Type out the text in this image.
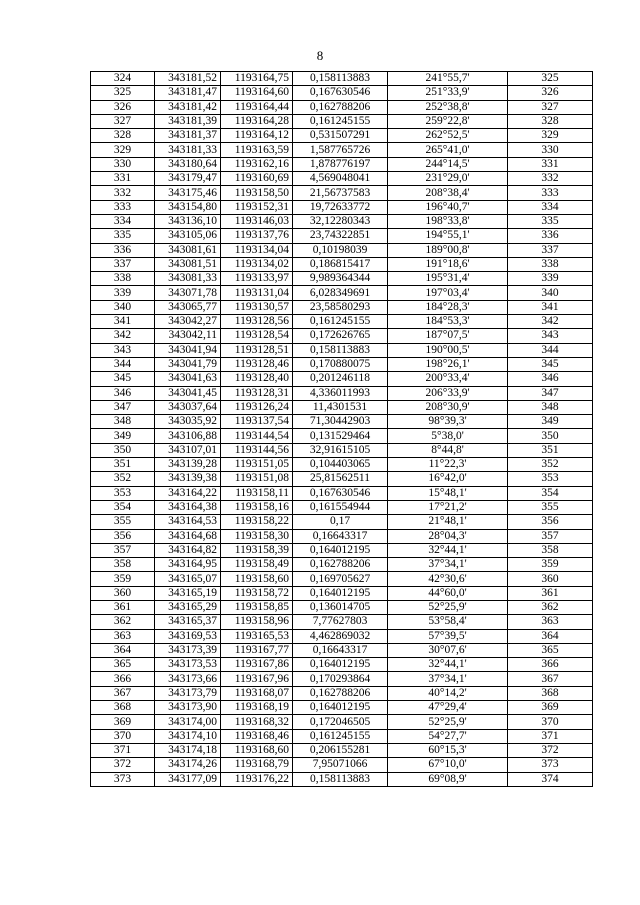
8
324	343181,52	1193164,75	0,158113883	241°55,7'	325
325	343181,47	1193164,60	0,167630546	251°33,9'	326
326	343181,42	1193164,44	0,162788206	252°38,8'	327
327	343181,39	1193164,28	0,161245155	259°22,8'	328
328	343181,37	1193164,12	0,531507291	262°52,5'	329
329	343181,33	1193163,59	1,587765726	265°41,0'	330
330	343180,64	1193162,16	1,878776197	244°14,5'	331
331	343179,47	1193160,69	4,569048041	231°29,0'	332
332	343175,46	1193158,50	21,56737583	208°38,4'	333
333	343154,80	1193152,31	19,72633772	196°40,7'	334
334	343136,10	1193146,03	32,12280343	198°33,8'	335
335	343105,06	1193137,76	23,74322851	194°55,1'	336
336	343081,61	1193134,04	0,10198039	189°00,8'	337
337	343081,51	1193134,02	0,186815417	191°18,6'	338
338	343081,33	1193133,97	9,989364344	195°31,4'	339
339	343071,78	1193131,04	6,028349691	197°03,4'	340
340	343065,77	1193130,57	23,58580293	184°28,3'	341
341	343042,27	1193128,56	0,161245155	184°53,3'	342
342	343042,11	1193128,54	0,172626765	187°07,5'	343
343	343041,94	1193128,51	0,158113883	190°00,5'	344
344	343041,79	1193128,46	0,170880075	198°26,1'	345
345	343041,63	1193128,40	0,201246118	200°33,4'	346
346	343041,45	1193128,31	4,336011993	206°33,9'	347
347	343037,64	1193126,24	11,4301531	208°30,9'	348
348	343035,92	1193137,54	71,30442903	98°39,3'	349
349	343106,88	1193144,54	0,131529464	5°38,0'	350
350	343107,01	1193144,56	32,91615105	8°44,8'	351
351	343139,28	1193151,05	0,104403065	11°22,3'	352
352	343139,38	1193151,08	25,81562511	16°42,0'	353
353	343164,22	1193158,11	0,167630546	15°48,1'	354
354	343164,38	1193158,16	0,161554944	17°21,2'	355
355	343164,53	1193158,22	0,17	21°48,1'	356
356	343164,68	1193158,30	0,16643317	28°04,3'	357
357	343164,82	1193158,39	0,164012195	32°44,1'	358
358	343164,95	1193158,49	0,162788206	37°34,1'	359
359	343165,07	1193158,60	0,169705627	42°30,6'	360
360	343165,19	1193158,72	0,164012195	44°60,0'	361
361	343165,29	1193158,85	0,136014705	52°25,9'	362
362	343165,37	1193158,96	7,77627803	53°58,4'	363
363	343169,53	1193165,53	4,462869032	57°39,5'	364
364	343173,39	1193167,77	0,16643317	30°07,6'	365
365	343173,53	1193167,86	0,164012195	32°44,1'	366
366	343173,66	1193167,96	0,170293864	37°34,1'	367
367	343173,79	1193168,07	0,162788206	40°14,2'	368
368	343173,90	1193168,19	0,164012195	47°29,4'	369
369	343174,00	1193168,32	0,172046505	52°25,9'	370
370	343174,10	1193168,46	0,161245155	54°27,7'	371
371	343174,18	1193168,60	0,206155281	60°15,3'	372
372	343174,26	1193168,79	7,95071066	67°10,0'	373
373	343177,09	1193176,22	0,158113883	69°08,9'	374
